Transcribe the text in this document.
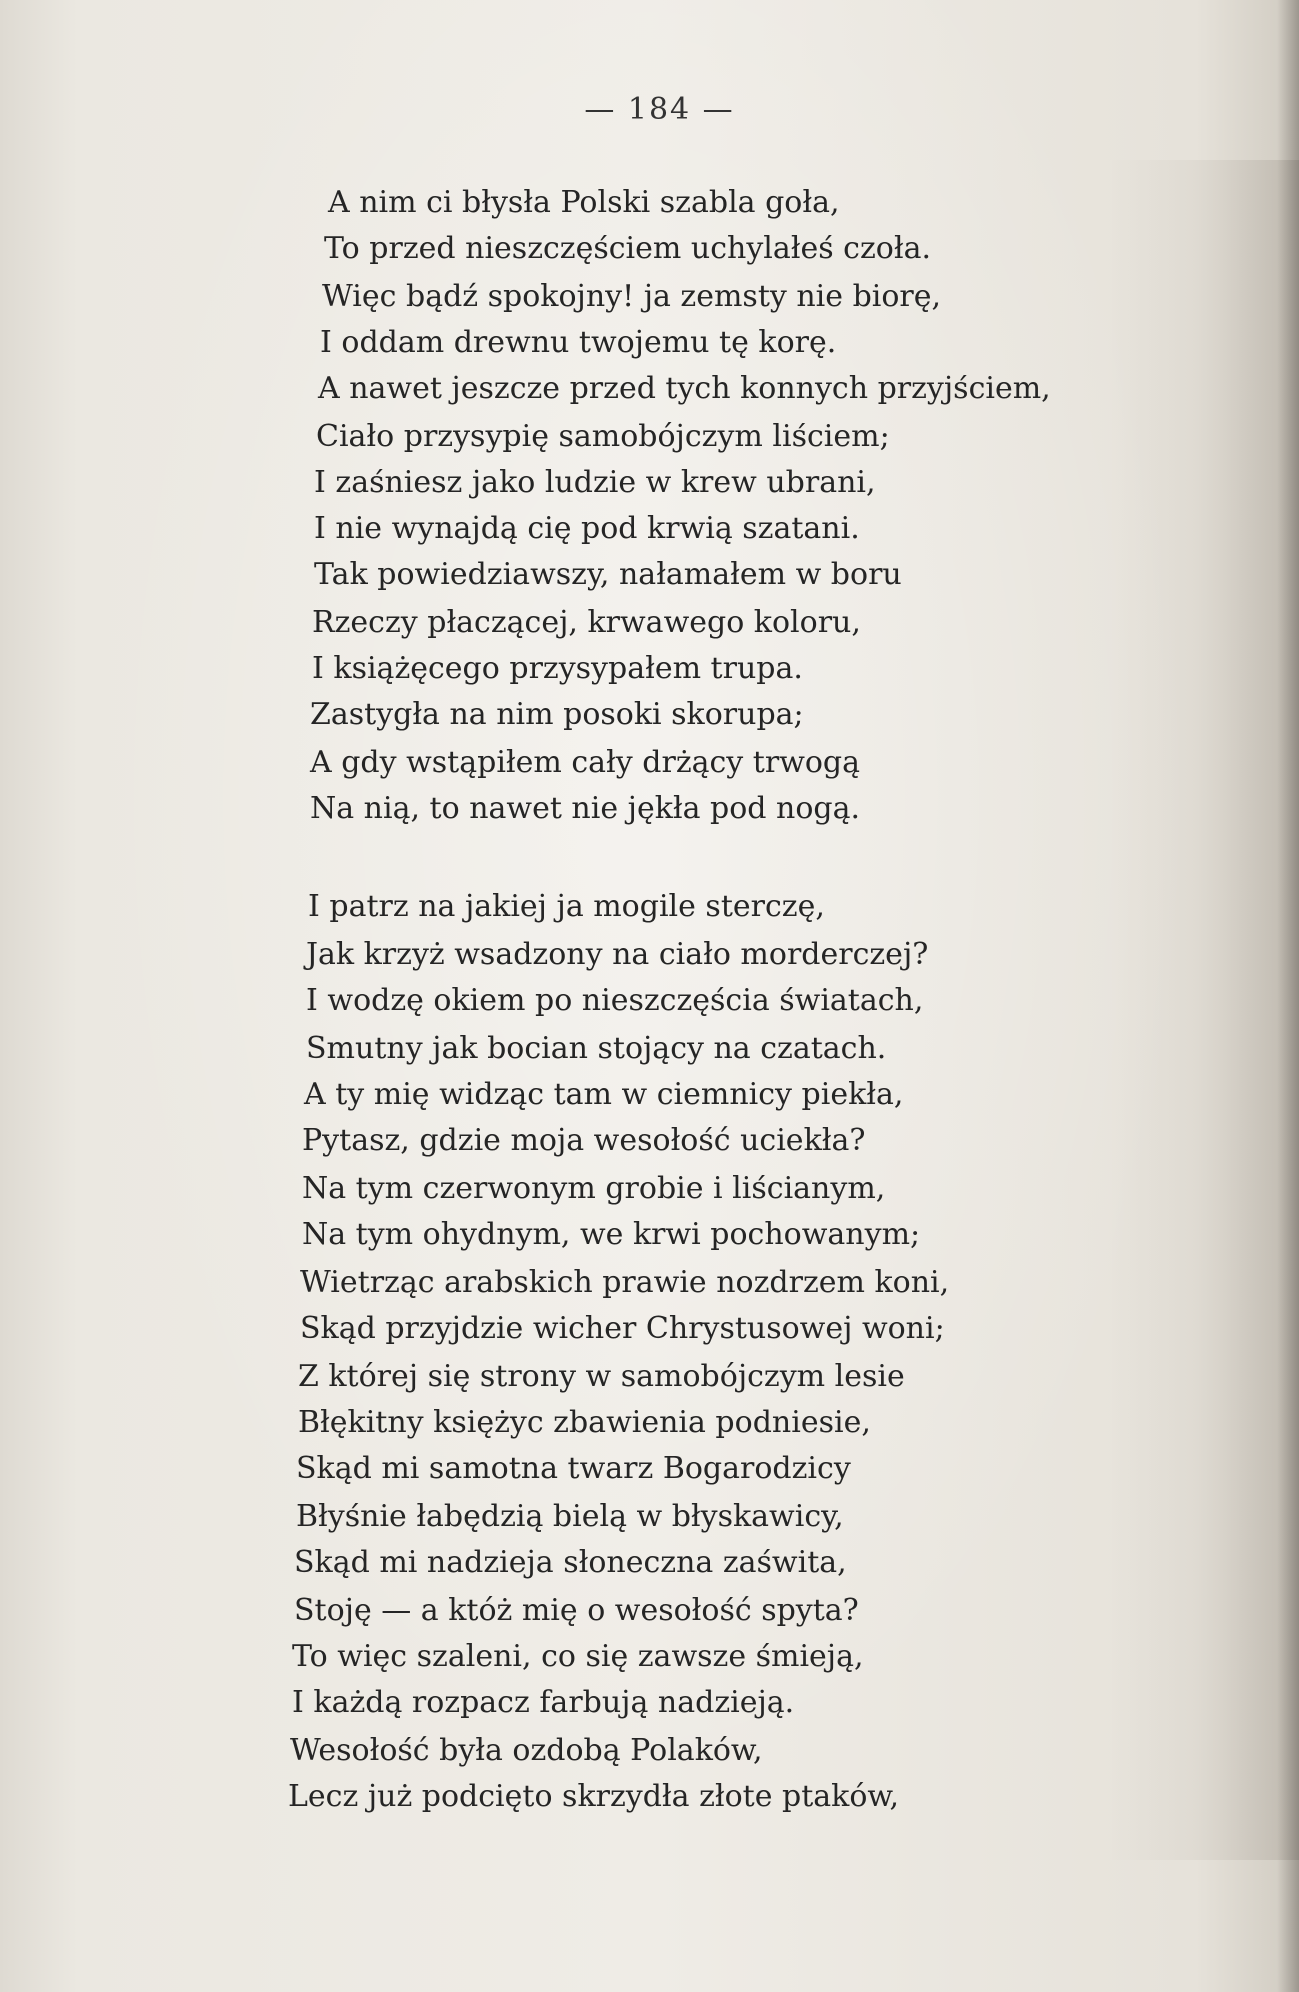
— 184 —
A nim ci błysła Polski szabla goła,
To przed nieszczęściem uchylałeś czoła.
Więc bądź spokojny! ja zemsty nie biorę,
I oddam drewnu twojemu tę korę.
A nawet jeszcze przed tych konnych przyjściem,
Ciało przysypię samobójczym liściem;
I zaśniesz jako ludzie w krew ubrani,
I nie wynajdą cię pod krwią szatani.
Tak powiedziawszy, nałamałem w boru
Rzeczy płaczącej, krwawego koloru,
I książęcego przysypałem trupa.
Zastygła na nim posoki skorupa;
A gdy wstąpiłem cały drżący trwogą
Na nią, to nawet nie jękła pod nogą.
I patrz na jakiej ja mogile sterczę,
Jak krzyż wsadzony na ciało morderczej?
I wodzę okiem po nieszczęścia światach,
Smutny jak bocian stojący na czatach.
A ty mię widząc tam w ciemnicy piekła,
Pytasz, gdzie moja wesołość uciekła?
Na tym czerwonym grobie i liścianym,
Na tym ohydnym, we krwi pochowanym;
Wietrząc arabskich prawie nozdrzem koni,
Skąd przyjdzie wicher Chrystusowej woni;
Z której się strony w samobójczym lesie
Błękitny księżyc zbawienia podniesie,
Skąd mi samotna twarz Bogarodzicy
Błyśnie łabędzią bielą w błyskawicy,
Skąd mi nadzieja słoneczna zaświta,
Stoję — a któż mię o wesołość spyta?
To więc szaleni, co się zawsze śmieją,
I każdą rozpacz farbują nadzieją.
Wesołość była ozdobą Polaków,
Lecz już podcięto skrzydła złote ptaków,
